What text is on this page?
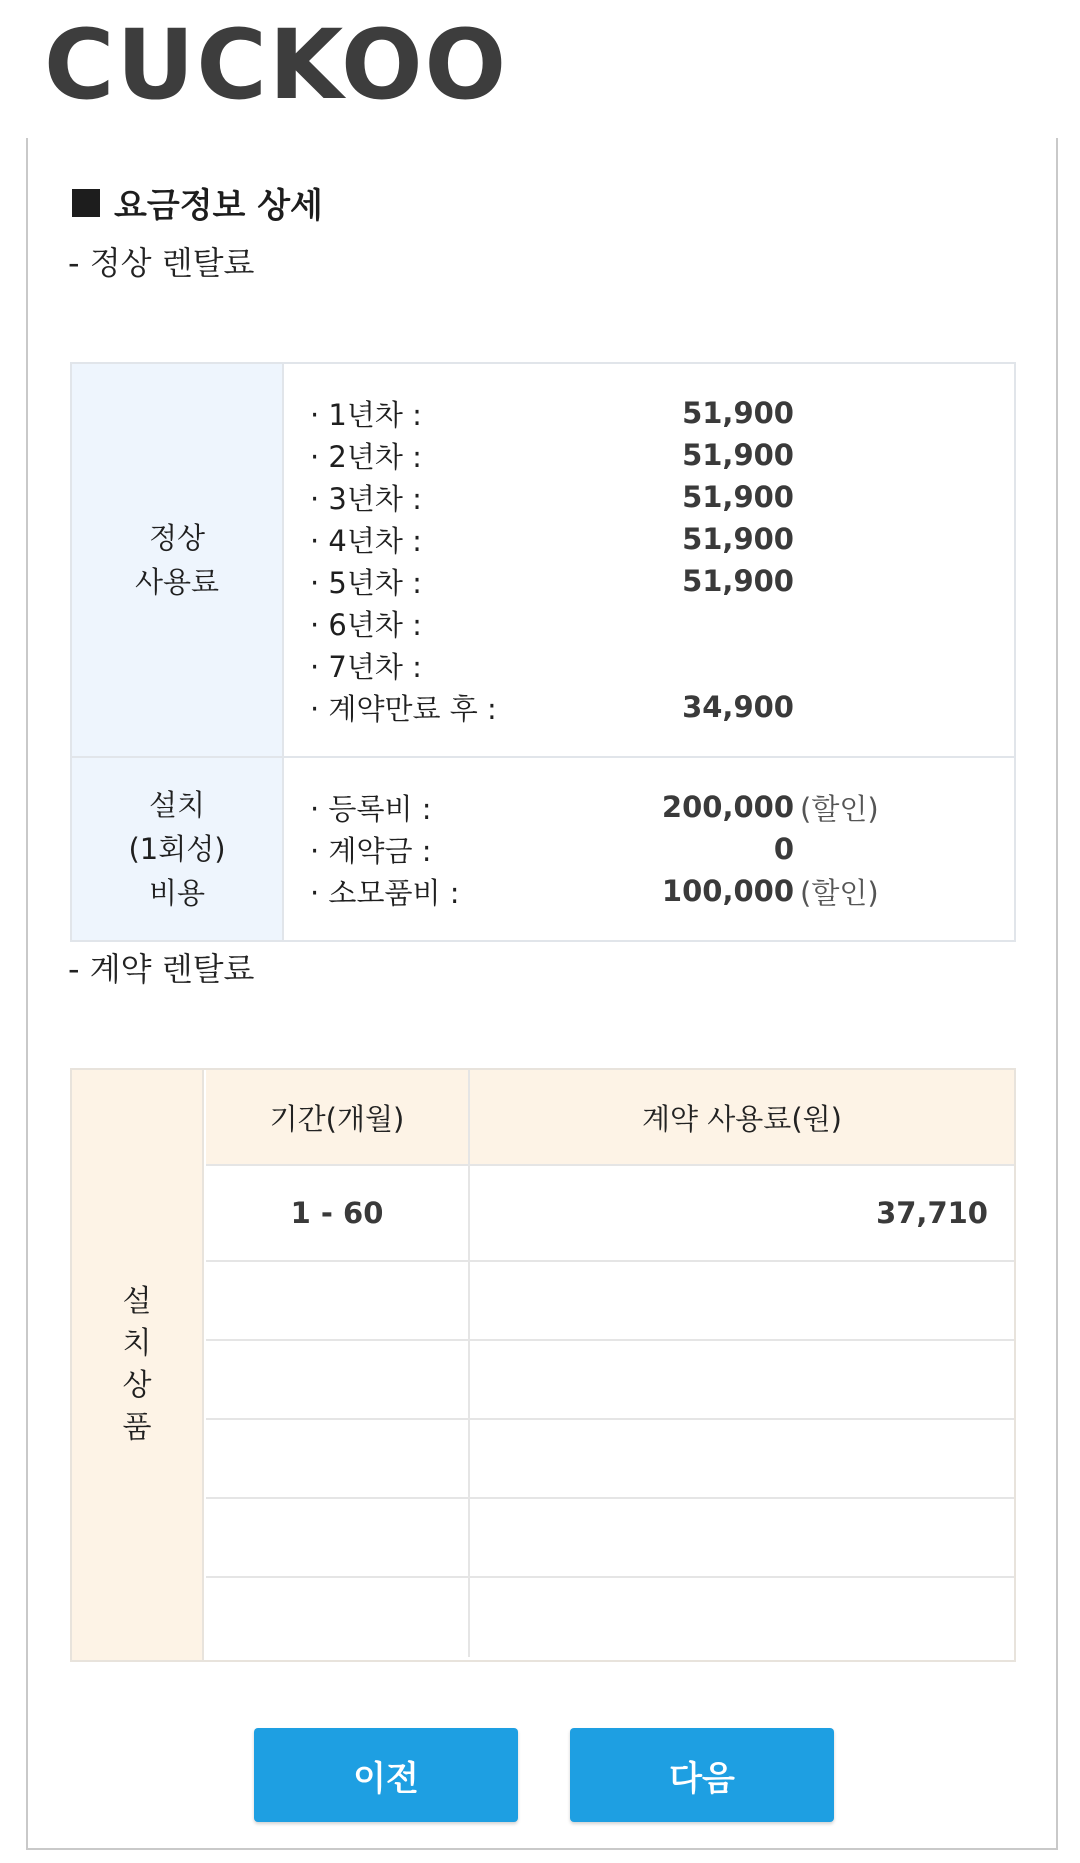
CUCKOO
요금정보 상세
- 정상 렌탈료
정상
사용료
· 1년차 :	51,900
· 2년차 :	51,900
· 3년차 :	51,900
· 4년차 :	51,900
· 5년차 :	51,900
· 6년차 :
· 7년차 :
· 계약만료 후 :	34,900
설치
(1회성)
비용
· 등록비 :	200,000 (할인)
· 계약금 :	0
· 소모품비 :	100,000 (할인)
- 계약 렌탈료
설
치
상
품
기간(개월)	계약 사용료(원)
1 - 60	37,710
이전	다음
